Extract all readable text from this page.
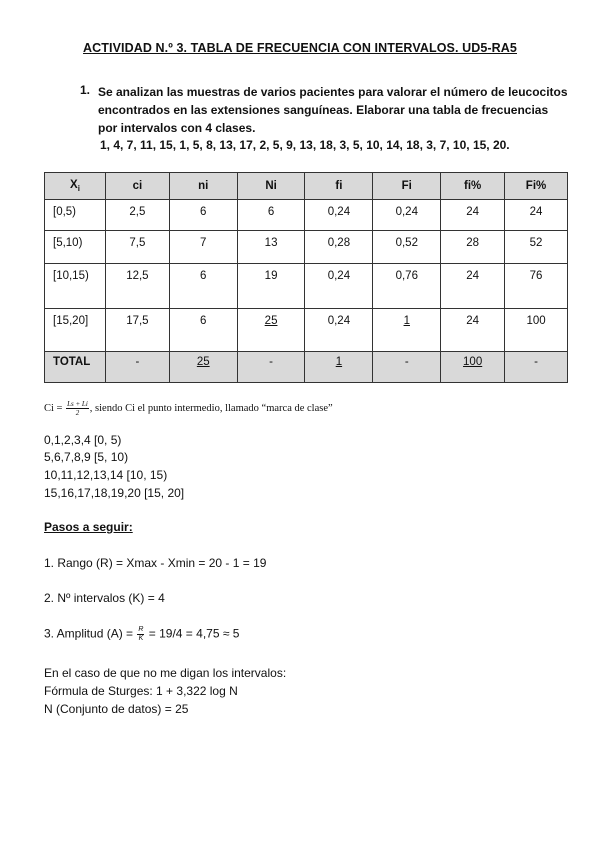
ACTIVIDAD N.º 3. TABLA DE FRECUENCIA CON INTERVALOS. UD5-RA5
1. Se analizan las muestras de varios pacientes para valorar el número de leucocitos encontrados en las extensiones sanguíneas. Elaborar una tabla de frecuencias por intervalos con 4 clases.
1, 4, 7, 11, 15, 1, 5, 8, 13, 17, 2, 5, 9, 13, 18, 3, 5, 10, 14, 18, 3, 7, 10, 15, 20.
$X_i$	ci	ni	Ni	fi	Fi	fi%	Fi%
[0,5)	2,5	6	6	0,24	0,24	24	24
[5,10)	7,5	7	13	0,28	0,52	28	52
[10,15)	12,5	6	19	0,24	0,76	24	76
[15,20]	17,5	6	25	0,24	1	24	100
TOTAL	-	25	-	1	-	100	-
$Ci = \frac{Ls + Li}{2}$ , siendo Ci el punto intermedio, llamado “marca de clase”
0,1,2,3,4 [0, 5)
5,6,7,8,9 [5, 10)
10,11,12,13,14 [10, 15)
15,16,17,18,19,20 [15, 20]
Pasos a seguir:
1. Rango (R) = Xmax - Xmin = 20 - 1 = 19
2. Nº intervalos (K) = 4
3. Amplitud $(A) = \frac{R}{K} = 19/4 = 4,75 \approx 5$
En el caso de que no me digan los intervalos:
Fórmula de Sturges: 1 + 3,322 log N
N (Conjunto de datos) = 25
